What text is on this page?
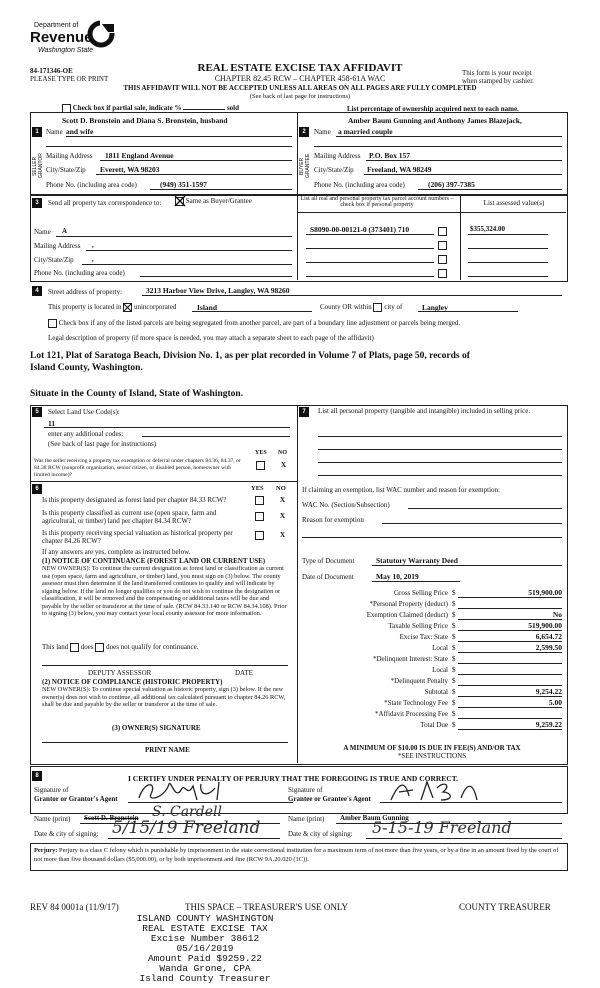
Department of
Revenue
Washington State
84-171346-OE
PLEASE TYPE OR PRINT
REAL ESTATE EXCISE TAX AFFIDAVIT
CHAPTER 82.45 RCW – CHAPTER 458-61A WAC
THIS AFFIDAVIT WILL NOT BE ACCEPTED UNLESS ALL AREAS ON ALL PAGES ARE FULLY COMPLETED
(See back of last page for instructions)
This form is your receipt
when stamped by cashier.
Check box if partial sale, indicate %	sold	List percentage of ownership acquired next to each name.
1
SELLER GRANTOR
Scott D. Bronstein and Diana S. Bronstein, husband
Name and wife
Mailing Address 1811 England Avenue
City/State/Zip Everett, WA 98203
Phone No. (including area code)	(949) 351-1597
2
BUYER GRANTEE
Amber Baum Gunning and Anthony James Blazejack,
Name a married couple
Mailing Address P.O. Box 157
City/State/Zip Freeland, WA 98249
Phone No. (including area code)	(206) 397-7385
3	Send all property tax correspondence to:	Same as Buyer/Grantee
Name A
Mailing Address ,
City/State/Zip	,
Phone No. (including area code)
List all real and personal property tax parcel account numbers – check box if personal property	List assessed value(s)
S8090-00-00121-0 (373401) 710	$355,324.00
4	Street address of property:	3213 Harbor View Drive, Langley, WA 98260
This property is located in unincorporated	Island	County OR within city of	Langley
Check box if any of the listed parcels are being segregated from another parcel, are part of a boundary line adjustment or parcels being merged.
Legal description of property (if more space is needed, you may attach a separate sheet to each page of the affidavit)
Lot 121, Plat of Saratoga Beach, Division No. 1, as per plat recorded in Volume 7 of Plats, page 50, records of
Island County, Washington.
Situate in the County of Island, State of Washington.
5	Select Land Use Code(s):
11
enter any additional codes:
(See back of last page for instructions)
YES NO
Was the seller receiving a property tax exemption or deferral under chapters 84.36, 84.37, or 84.38 RCW (nonprofit organization, senior citizen, or disabled person, homeowner with limited income)?
X
6	YES NO
Is this property designated as forest land per chapter 84.33 RCW?	X
Is this property classified as current use (open space, farm and agricultural, or timber) land per chapter 84.34 RCW?
X
Is this property receiving special valuation as historical property per chapter 84.26 RCW?
X
If any answers are yes, complete as instructed below.
(1) NOTICE OF CONTINUANCE (FOREST LAND OR CURRENT USE)
NEW OWNER(S): To continue the current designation as forest land or classification as current use (open space, farm and agriculture, or timber) land, you must sign on (3) below. The county assessor must then determine if the land transferred continues to qualify and will indicate by signing below. If the land no longer qualifies or you do not wish to continue the designation or classification, it will be removed and the compensating or additional taxes will be due and payable by the seller or transferor at the time of sale. (RCW 84.33.140 or RCW 84.34.108). Prior to signing (3) below, you may contact your local county assessor for more information.
This land does does not qualify for continuance.
DEPUTY ASSESSOR	DATE
(2) NOTICE OF COMPLIANCE (HISTORIC PROPERTY)
NEW OWNER(S): To continue special valuation as historic property, sign (3) below. If the new owner(s) does not wish to continue, all additional tax calculated pursuant to chapter 84.26 RCW, shall be due and payable by the seller or transferor at the time of sale.
(3) OWNER(S) SIGNATURE
PRINT NAME
7	List all personal property (tangible and intangible) included in selling price.
If claiming an exemption, list WAC number and reason for exemption:
WAC No. (Section/Subsection)
Reason for exemption
Type of Document	Statutory Warranty Deed
Date of Document	May 10, 2019
Gross Selling Price $	519,900.00
*Personal Property (deduct) $
Exemption Claimed (deduct) $	No
Taxable Selling Price $	519,900.00
Excise Tax: State $	6,654.72
Local $	2,599.50
*Delinquent Interest: State $
Local $
*Delinquent Penalty $
Subtotal $	9,254.22
*State Technology Fee $	5.00
*Affidavit Processing Fee $
Total Due $	9,259.22
A MINIMUM OF $10.00 IS DUE IN FEE(S) AND/OR TAX
*SEE INSTRUCTIONS
8	I CERTIFY UNDER PENALTY OF PERJURY THAT THE FOREGOING IS TRUE AND CORRECT.
Signature of
Grantor or Grantor's Agent
Signature of
Grantee or Grantee's Agent
Name (print) Scott D. Bronstein S. Cardell
Date & city of signing: 5/15/19 Freeland	Name (print) Amber Baum Gunning
Date & city of signing: 5-15-19 Freeland
Perjury: Perjury is a class C felony which is punishable by imprisonment in the state correctional institution for a maximum term of not more than five years, or by a fine in an amount fixed by the court of not more than five thousand dollars ($5,000.00), or by both imprisonment and fine (RCW 9A.20.020 (1C)).
REV 84 0001a (11/9/17)	THIS SPACE – TREASURER'S USE ONLY	COUNTY TREASURER
ISLAND COUNTY WASHINGTON
REAL ESTATE EXCISE TAX
Excise Number 38612
05/16/2019
Amount Paid $9259.22
Wanda Grone, CPA
Island County Treasurer
